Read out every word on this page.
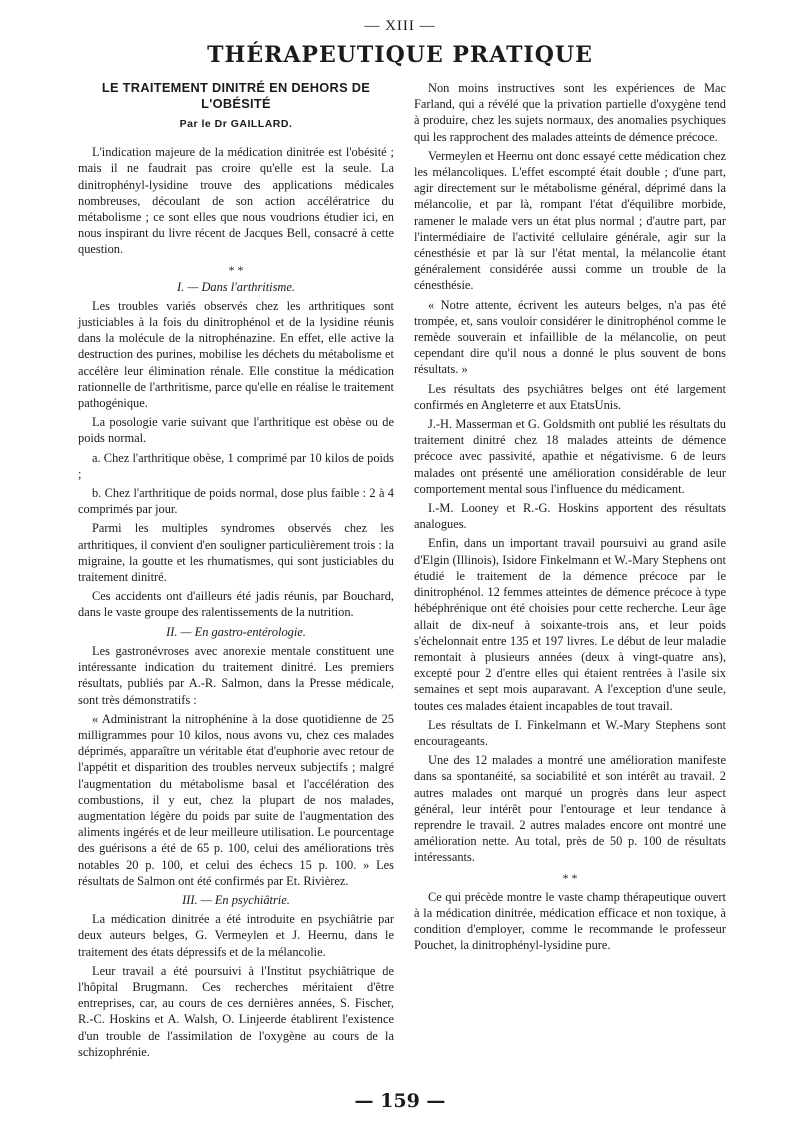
— XIII —
THÉRAPEUTIQUE PRATIQUE
LE TRAITEMENT DINITRÉ EN DEHORS DE L'OBÉSITÉ
Par le Dr GAILLARD.

L'indication majeure de la médication dinitrée est l'obésité ; mais il ne faudrait pas croire qu'elle est la seule. La dinitrophényl-lysidine trouve des applications médicales nombreuses, découlant de son action accélératrice du métabolisme ; ce sont elles que nous voudrions étudier ici, en nous inspirant du livre récent de Jacques Bell, consacré à cette question.

* *
I. — Dans l'arthritisme.

Les troubles variés observés chez les arthritiques sont justiciables à la fois du dinitrophénol et de la lysidine réunis dans la molécule de la nitrophénazine. En effet, elle active la destruction des purines, mobilise les déchets du métabolisme et accélère leur élimination rénale. Elle constitue la médication rationnelle de l'arthritisme, parce qu'elle en réalise le traitement pathogénique.

La posologie varie suivant que l'arthritique est obèse ou de poids normal.

a. Chez l'arthritique obèse, 1 comprimé par 10 kilos de poids ;

b. Chez l'arthritique de poids normal, dose plus faible : 2 à 4 comprimés par jour.

Parmi les multiples syndromes observés chez les arthritiques, il convient d'en souligner particulièrement trois : la migraine, la goutte et les rhumatismes, qui sont justiciables du traitement dinitré.

Ces accidents ont d'ailleurs été jadis réunis, par Bouchard, dans le vaste groupe des ralentissements de la nutrition.

II. — En gastro-entérologie.

Les gastronévroses avec anorexie mentale constituent une intéressante indication du traitement dinitré. Les premiers résultats, publiés par A.-R. Salmon, dans la Presse médicale, sont très démonstratifs :

« Administrant la nitrophénine à la dose quotidienne de 25 milligrammes pour 10 kilos, nous avons vu, chez ces malades déprimés, apparaître un véritable état d'euphorie avec retour de l'appétit et disparition des troubles nerveux subjectifs ; malgré l'augmentation du métabolisme basal et l'accélération des combustions, il y eut, chez la plupart de nos malades, augmentation légère du poids par suite de l'augmentation des aliments ingérés et de leur meilleure utilisation. Le pourcentage des guérisons a été de 65 p. 100, celui des améliorations très notables 20 p. 100, et celui des échecs 15 p. 100. » Les résultats de Salmon ont été confirmés par Et. Rivièrez.

III. — En psychiâtrie.

La médication dinitrée a été introduite en psychiâtrie par deux auteurs belges, G. Vermeylen et J. Heernu, dans le traitement des états dépressifs et de la mélancolie.

Leur travail a été poursuivi à l'Institut psychiâtrique de l'hôpital Brugmann. Ces recherches méritaient d'être entreprises, car, au cours de ces dernières années, S. Fischer, R.-C. Hoskins et A. Walsh, O. Linjeerde établirent l'existence d'un trouble de l'assimilation de l'oxygène au cours de la schizophrénie.

Non moins instructives sont les expériences de Mac Farland, qui a révélé que la privation partielle d'oxygène tend à produire, chez les sujets normaux, des anomalies psychiques qui les rapprochent des malades atteints de démence précoce.

Vermeylen et Heernu ont donc essayé cette médication chez les mélancoliques. L'effet escompté était double ; d'une part, agir directement sur le métabolisme général, déprimé dans la mélancolie, et par là, rompant l'état d'équilibre morbide, ramener le malade vers un état plus normal ; d'autre part, par l'intermédiaire de l'activité cellulaire générale, agir sur la cénesthésie et par là sur l'état mental, la mélancolie étant généralement considérée aussi comme un trouble de la cénesthésie.

« Notre attente, écrivent les auteurs belges, n'a pas été trompée, et, sans vouloir considérer le dinitrophénol comme le remède souverain et infaillible de la mélancolie, on peut cependant dire qu'il nous a donné le plus souvent de bons résultats. »

Les résultats des psychiâtres belges ont été largement confirmés en Angleterre et aux EtatsUnis.

J.-H. Masserman et G. Goldsmith ont publié les résultats du traitement dinitré chez 18 malades atteints de démence précoce avec passivité, apathie et négativisme. 6 de leurs malades ont présenté une amélioration considérable de leur comportement mental sous l'influence du médicament.

I.-M. Looney et R.-G. Hoskins apportent des résultats analogues.

Enfin, dans un important travail poursuivi au grand asile d'Elgin (Illinois), Isidore Finkelmann et W.-Mary Stephens ont étudié le traitement de la démence précoce par le dinitrophénol. 12 femmes atteintes de démence précoce à type hébéphrénique ont été choisies pour cette recherche. Leur âge allait de dix-neuf à soixante-trois ans, et leur poids s'échelonnait entre 135 et 197 livres. Le début de leur maladie remontait à plusieurs années (deux à vingt-quatre ans), excepté pour 2 d'entre elles qui étaient rentrées à l'asile six semaines et sept mois auparavant. A l'exception d'une seule, toutes ces malades étaient incapables de tout travail.

Les résultats de I. Finkelmann et W.-Mary Stephens sont encourageants.

Une des 12 malades a montré une amélioration manifeste dans sa spontanéité, sa sociabilité et son intérêt au travail. 2 autres malades ont marqué un progrès dans leur aspect général, leur intérêt pour l'entourage et leur tendance à reprendre le travail. 2 autres malades encore ont montré une amélioration nette. Au total, près de 50 p. 100 de résultats intéressants.

* *

Ce qui précède montre le vaste champ thérapeutique ouvert à la médication dinitrée, médication efficace et non toxique, à condition d'employer, comme le recommande le professeur Pouchet, la dinitrophényl-lysidine pure.

— 159 —
